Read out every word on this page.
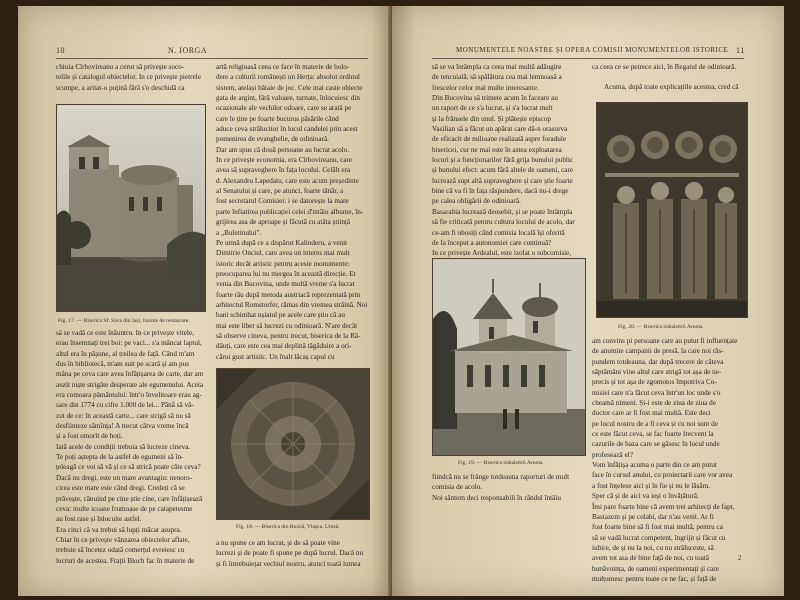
10	N. IORGA

chiuia Cîrbovireanu a cerut să privește soco-

telile și catalogul obiectelor. In ce privește pietrele

scumpe, a aritat-o puțină fără s'o deschidă ca

Fig. 17. — Biserica Sf. Sava din Iași, înainte de restaurare.

să se vadă ce este înăuntru. In ce privește vitele,

erau însemnați trei boi: pe vaci... s'a mâncat laptul,

altul era în pășune, al treilea de față. Când m'am

dus în bibliotecă, m'am suit pe scară și am pus

mâna pe ceva care avea înfățișarea de carte, dar am

auzit niște strigăte desperate ale egumenului. Aceia

era comoara pământului: într'o învelitoare erau ag-

sare din 1774 cu cifre 1.000 de lei... Pănă să vă-

zut de ce: în această carte... care strigă să nu să

desfiinteze sămînța! A trecut câtva vreme încă

și a fost omorît de hoți.

Iată acele de condiții trebuia să lucreze cineva.

Te poți aștepta de la astfel de egumeni să în-

țeleagă ce voi să vă și ce să strică poate câte ceva?

Dacă nu dregi, este un mare avantagiu: nenoro-

cirea este mare este când dregi. Credeți că se

prăvește, cănuind pe cine știe cine, care înfățișează

ceva: multe icoane frumoase de pe catapetesme

au fost rase și înlocuite astfel.

Era cinci că va trebui să lupți măcar asupra.

Chiar în ce privește vânzarea obiectelor aflate,

trebuie să încetez odată comerțul evreiesc cu

lucruri de acestea. Frații Bloch fac în materie de

artă religioasă ceea ce face în materie de bolo-

dere a culturii românești un Herța: absolut ordinul

sistem, atelași bătaie de joc. Cele mai caste obiecte

gata de argint, fără valoare, turnate, înlocuiesc din

ocazionale ale vechilor odoare, care se arată pe

care le ține pe foarte bucuros păsările când

aduce ceva strălucitor în locul candelei prin acest

pomenirea de evanghelie, de odinioară.

Dar am spus că două persoane au lucrat acolo.

In ce privește economia, era Cîrbovireanu, care

avea să supraveghere în fața locului. Celălt era

d. Alexandru Lapedatu, care este acum președinte

al Senatului și care, pe atunci, foarte tânăr, a

fost secretarul Comisiei: i se datorește la mare

parte înfiatirea publicației celei d'intăiu albume, în-

grijirea asa de aproape și făcută cu atâta știință

a „Buletinului".

Pe urmă după ce a dispărut Kalinderu, a venit

Dimitrie Onciul, care avea un interes mai mult

istoric decât artistic pentru aceste monumente:

preocuparea lui nu mergea în această direcție. Et

venia din Bucovina, unde multă vreme s'a lucrat

foarte rău după metoda austriacă reprezentată prin

arhitectul Romstorfer, rămas din vremea străină. Noi

bani schimbat ușiatul pe acele care știu că au

mai este liber să lucrezi cu odinioară. N'are decât

să observe cineva, pentru trecut, biserica de la Ră-

dăuți, care este cea mai deplină tăgăduire a ori-

cărui gust artistic. Un înalt lăcaș capul cu

Fig. 18. — Biserica din Roznă, Vlașca. Ureză.

a nu spune ce am lucrat, și de să poate vine

lucrezi și de poate fi spune pe după lucrul. Dacă nu

și fi întrebuiețat vechiul nostru, atunci toată lumea

MONUMENTELE NOASTRE ȘI OPERA COMISII MONUMENTELOR ISTORICE 11

să se va întâmpla ca ceea mai multă adăugire

de tencuială, să spălătura cea mai lemnoasă a

frescelor celor mai multe interesante.

Din Bucovina să trimete acum în faceare au

un raport de ce s'a lucrat, și s'a lucrat mult

și la frânsele din unul. Și plătește episcop

Vasilian să a făcut un apărat care dă-n orasorva

de eficacit de milioane realizată aspre foradule

bisericei, cur ne mai este în astea exploatarea

locuri și a funcționarilor fără grija bunului public

și bunului efect: acum fără altele de oameni, care

lucrează supt altă supraveghere și care știe foarte

bine că va fi în fața răspundere, dacă nu-i drege

pe calea obligării de odinioară.

Basarabia lucrează deosebit, și se poate întâmpla

să fie criticată pentru cultura locului de acolo, dar

ce-am fi obosiți când comisia locală își oferită

de la început a autonomiei care continuă?

In ce privește Ardealul, este izolat o subcomisie,

Fig. 19. — Biserica mănăstirii Arnota.

fiindcă nu se frânge totdeauna raporturi de mult

comisia de acolo.

Noi sântem deci responsabili în rândul întâiu

ca ceea ce se petrece aici, în Regatul de odinioară.

Acuma, după toate explicațiile acestea, cred că

Fig. 20. — Biserica mănăstirii Arnota.

am convins pi persoane care au putut fi influențate

de anumite campanii de presă, la care noi răs-

pundem totdeauna, dar după trecere de câteva

săptămâni vine altul care strigă tot așa de ne-

precis și tot așa de zgomotos împotriva Co-

misiei care n'a făcut ceva într'un loc unde s'o

cheamă nimeni. Și-i este de ziua de ziua de

doctor care ar fi fost mai multă. Este deci

pe locul nostru de a fi ceva și cu noi sunt de

ce este făcut ceva, se fac foarte frecvent la

cazurile de baza care se găsesc în locul unde

profesează el?

Vom înfățișa acuma o parte din ce am putut

face în cursul anului, cu proiectarii care vor avea

a fost înțelese aici și în fie și nu le lăsăm.

Sper că și de aici va ieși o învățătură.

Îmi pare foarte bine că avem trei arhitecți de fapt,

Bastazem și pe colabi, dar n'au venit. Ar fi

fost foarte bine să fi fost mai multă, pentru ca

să se vadă lucrat competent, îngrijit și făcut cu

iubire, de și nu la noi, cu nu străluceste, să

avem tot asa de bine față de noi, cu toată

bunăvoința, de oameni experimentați și care

mulțumesc pentru toate ce ne fac, și față de

2
